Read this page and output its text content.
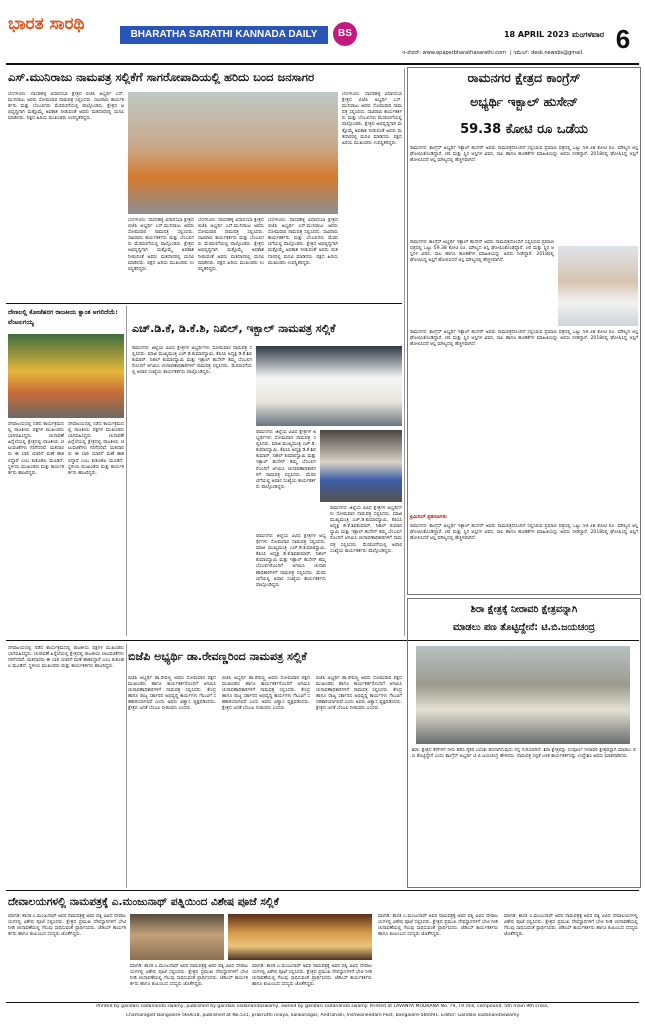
ಭಾರತ ಸಾರಥಿ
BHARATHA SARATHI KANNADA DAILY	BS	18 APRIL 2023 ಮಂಗಳವಾರ 6
ಇ-ಪೇಪರ್: www.epaperbharathasarathi.com | ಇಮೇಲ್: desk.newsbs@gmail.
ಎಸ್.ಮುನಿರಾಜು ನಾಮಪತ್ರ ಸಲ್ಲಿಕೆಗೆ ಸಾಗರೋಪಾದಿಯಲ್ಲಿ ಹರಿದು ಬಂದ ಜನಸಾಗರ
ಬೆಂಗಳೂರು: ದಾಸರಹಳ್ಳಿ ವಿಧಾನಸಭಾ ಕ್ಷೇತ್ರದ ಬಿಜೆಪಿ ಅಭ್ಯರ್ಥಿ ಎಸ್.ಮುನಿರಾಜು ಅವರು ಸೋಮವಾರ ನಾಮಪತ್ರ ಸಲ್ಲಿಸಿದರು. ಸಾವಿರಾರು ಕಾರ್ಯಕರ್ತರು ಮತ್ತು ಬೆಂಬಲಿಗರು ಮೆರವಣಿಗೆಯಲ್ಲಿ ಪಾಲ್ಗೊಂಡರು. ಕ್ಷೇತ್ರದ ಅಭಿವೃದ್ಧಿಗಾಗಿ ಮತ್ತೊಮ್ಮೆ ಅವಕಾಶ ನೀಡುವಂತೆ ಅವರು ಮತದಾರರಲ್ಲಿ ಮನವಿ ಮಾಡಿದರು. ಪಕ್ಷದ ಹಿರಿಯ ಮುಖಂಡರು ಉಪಸ್ಥಿತರಿದ್ದರು.
ಬೆಂಗಳೂರು: ದಾಸರಹಳ್ಳಿ ವಿಧಾನಸಭಾ ಕ್ಷೇತ್ರದ ಬಿಜೆಪಿ ಅಭ್ಯರ್ಥಿ ಎಸ್.ಮುನಿರಾಜು ಅವರು ಸೋಮವಾರ ನಾಮಪತ್ರ ಸಲ್ಲಿಸಿದರು. ಸಾವಿರಾರು ಕಾರ್ಯಕರ್ತರು ಮತ್ತು ಬೆಂಬಲಿಗರು ಮೆರವಣಿಗೆಯಲ್ಲಿ ಪಾಲ್ಗೊಂಡರು. ಕ್ಷೇತ್ರದ ಅಭಿವೃದ್ಧಿಗಾಗಿ ಮತ್ತೊಮ್ಮೆ ಅವಕಾಶ ನೀಡುವಂತೆ ಅವರು ಮತದಾರರಲ್ಲಿ ಮನವಿ ಮಾಡಿದರು. ಪಕ್ಷದ ಹಿರಿಯ ಮುಖಂಡರು ಉಪಸ್ಥಿತರಿದ್ದರು.
ಬೆಂಗಳೂರು: ದಾಸರಹಳ್ಳಿ ವಿಧಾನಸಭಾ ಕ್ಷೇತ್ರದ ಬಿಜೆಪಿ ಅಭ್ಯರ್ಥಿ ಎಸ್.ಮುನಿರಾಜು ಅವರು ಸೋಮವಾರ ನಾಮಪತ್ರ ಸಲ್ಲಿಸಿದರು. ಸಾವಿರಾರು ಕಾರ್ಯಕರ್ತರು ಮತ್ತು ಬೆಂಬಲಿಗರು ಮೆರವಣಿಗೆಯಲ್ಲಿ ಪಾಲ್ಗೊಂಡರು. ಕ್ಷೇತ್ರದ ಅಭಿವೃದ್ಧಿಗಾಗಿ ಮತ್ತೊಮ್ಮೆ ಅವಕಾಶ ನೀಡುವಂತೆ ಅವರು ಮತದಾರರಲ್ಲಿ ಮನವಿ ಮಾಡಿದರು. ಪಕ್ಷದ ಹಿರಿಯ ಮುಖಂಡರು ಉಪಸ್ಥಿತರಿದ್ದರು.
ಬೆಂಗಳೂರು: ದಾಸರಹಳ್ಳಿ ವಿಧಾನಸಭಾ ಕ್ಷೇತ್ರದ ಬಿಜೆಪಿ ಅಭ್ಯರ್ಥಿ ಎಸ್.ಮುನಿರಾಜು ಅವರು ಸೋಮವಾರ ನಾಮಪತ್ರ ಸಲ್ಲಿಸಿದರು. ಸಾವಿರಾರು ಕಾರ್ಯಕರ್ತರು ಮತ್ತು ಬೆಂಬಲಿಗರು ಮೆರವಣಿಗೆಯಲ್ಲಿ ಪಾಲ್ಗೊಂಡರು. ಕ್ಷೇತ್ರದ ಅಭಿವೃದ್ಧಿಗಾಗಿ ಮತ್ತೊಮ್ಮೆ ಅವಕಾಶ ನೀಡುವಂತೆ ಅವರು ಮತದಾರರಲ್ಲಿ ಮನವಿ ಮಾಡಿದರು. ಪಕ್ಷದ ಹಿರಿಯ ಮುಖಂಡರು ಉಪಸ್ಥಿತರಿದ್ದರು.
ಬೆಂಗಳೂರು: ದಾಸರಹಳ್ಳಿ ವಿಧಾನಸಭಾ ಕ್ಷೇತ್ರದ ಬಿಜೆಪಿ ಅಭ್ಯರ್ಥಿ ಎಸ್.ಮುನಿರಾಜು ಅವರು ಸೋಮವಾರ ನಾಮಪತ್ರ ಸಲ್ಲಿಸಿದರು. ಸಾವಿರಾರು ಕಾರ್ಯಕರ್ತರು ಮತ್ತು ಬೆಂಬಲಿಗರು ಮೆರವಣಿಗೆಯಲ್ಲಿ ಪಾಲ್ಗೊಂಡರು. ಕ್ಷೇತ್ರದ ಅಭಿವೃದ್ಧಿಗಾಗಿ ಮತ್ತೊಮ್ಮೆ ಅವಕಾಶ ನೀಡುವಂತೆ ಅವರು ಮತದಾರರಲ್ಲಿ ಮನವಿ ಮಾಡಿದರು. ಪಕ್ಷದ ಹಿರಿಯ ಮುಖಂಡರು ಉಪಸ್ಥಿತರಿದ್ದರು.
ರಾಮನಗರ ಕ್ಷೇತ್ರದ ಕಾಂಗ್ರೆಸ್
ಅಭ್ಯರ್ಥಿ ಇಕ್ಬಾಲ್ ಹುಸೇನ್
59.38 ಕೋಟಿ ರೂ ಒಡೆಯ
ರಾಮನಗರ: ಕಾಂಗ್ರೆಸ್ ಅಭ್ಯರ್ಥಿ ಇಕ್ಬಾಲ್ ಹುಸೇನ್ ಅವರು ನಾಮಪತ್ರದೊಂದಿಗೆ ಸಲ್ಲಿಸಿರುವ ಪ್ರಮಾಣ ಪತ್ರದಲ್ಲಿ ಒಟ್ಟು 59.38 ಕೋಟಿ ರೂ. ಮೌಲ್ಯದ ಆಸ್ತಿ ಘೋಷಿಸಿಕೊಂಡಿದ್ದಾರೆ. ಚರ ಮತ್ತು ಸ್ಥಿರ ಆಸ್ತಿಗಳ ವಿವರ, ಸಾಲ ಹಾಗೂ ಹೂಡಿಕೆಗಳ ಮಾಹಿತಿಯನ್ನು ಅವರು ನೀಡಿದ್ದಾರೆ. 2018ರಲ್ಲಿ ಘೋಷಿಸಿದ್ದ ಆಸ್ತಿಗೆ ಹೋಲಿಸಿದರೆ ಆಸ್ತಿ ಮೌಲ್ಯದಲ್ಲಿ ಹೆಚ್ಚಳವಾಗಿದೆ.
ರಾಮನಗರ: ಕಾಂಗ್ರೆಸ್ ಅಭ್ಯರ್ಥಿ ಇಕ್ಬಾಲ್ ಹುಸೇನ್ ಅವರು ನಾಮಪತ್ರದೊಂದಿಗೆ ಸಲ್ಲಿಸಿರುವ ಪ್ರಮಾಣ ಪತ್ರದಲ್ಲಿ ಒಟ್ಟು 59.38 ಕೋಟಿ ರೂ. ಮೌಲ್ಯದ ಆಸ್ತಿ ಘೋಷಿಸಿಕೊಂಡಿದ್ದಾರೆ. ಚರ ಮತ್ತು ಸ್ಥಿರ ಆಸ್ತಿಗಳ ವಿವರ, ಸಾಲ ಹಾಗೂ ಹೂಡಿಕೆಗಳ ಮಾಹಿತಿಯನ್ನು ಅವರು ನೀಡಿದ್ದಾರೆ. 2018ರಲ್ಲಿ ಘೋಷಿಸಿದ್ದ ಆಸ್ತಿಗೆ ಹೋಲಿಸಿದರೆ ಆಸ್ತಿ ಮೌಲ್ಯದಲ್ಲಿ ಹೆಚ್ಚಳವಾಗಿದೆ.
ರಾಮನಗರ: ಕಾಂಗ್ರೆಸ್ ಅಭ್ಯರ್ಥಿ ಇಕ್ಬಾಲ್ ಹುಸೇನ್ ಅವರು ನಾಮಪತ್ರದೊಂದಿಗೆ ಸಲ್ಲಿಸಿರುವ ಪ್ರಮಾಣ ಪತ್ರದಲ್ಲಿ ಒಟ್ಟು 59.38 ಕೋಟಿ ರೂ. ಮೌಲ್ಯದ ಆಸ್ತಿ ಘೋಷಿಸಿಕೊಂಡಿದ್ದಾರೆ. ಚರ ಮತ್ತು ಸ್ಥಿರ ಆಸ್ತಿಗಳ ವಿವರ, ಸಾಲ ಹಾಗೂ ಹೂಡಿಕೆಗಳ ಮಾಹಿತಿಯನ್ನು ಅವರು ನೀಡಿದ್ದಾರೆ. 2018ರಲ್ಲಿ ಘೋಷಿಸಿದ್ದ ಆಸ್ತಿಗೆ ಹೋಲಿಸಿದರೆ ಆಸ್ತಿ ಮೌಲ್ಯದಲ್ಲಿ ಹೆಚ್ಚಳವಾಗಿದೆ.
ಕ್ರಿಮಿನಲ್ ಪ್ರಕರಣಗಳು
ರಾಮನಗರ: ಕಾಂಗ್ರೆಸ್ ಅಭ್ಯರ್ಥಿ ಇಕ್ಬಾಲ್ ಹುಸೇನ್ ಅವರು ನಾಮಪತ್ರದೊಂದಿಗೆ ಸಲ್ಲಿಸಿರುವ ಪ್ರಮಾಣ ಪತ್ರದಲ್ಲಿ ಒಟ್ಟು 59.38 ಕೋಟಿ ರೂ. ಮೌಲ್ಯದ ಆಸ್ತಿ ಘೋಷಿಸಿಕೊಂಡಿದ್ದಾರೆ. ಚರ ಮತ್ತು ಸ್ಥಿರ ಆಸ್ತಿಗಳ ವಿವರ, ಸಾಲ ಹಾಗೂ ಹೂಡಿಕೆಗಳ ಮಾಹಿತಿಯನ್ನು ಅವರು ನೀಡಿದ್ದಾರೆ. 2018ರಲ್ಲಿ ಘೋಷಿಸಿದ್ದ ಆಸ್ತಿಗೆ ಹೋಲಿಸಿದರೆ ಆಸ್ತಿ ಮೌಲ್ಯದಲ್ಲಿ ಹೆಚ್ಚಳವಾಗಿದೆ.
ದೇಣಲಲ್ಲಿ ಕೋಜೆಹರಗ ರಾಜಕೀಯ ಕ್ವಾಂತ ಆಗಲಿದೆಯೆ: ವೆಂಟಲಗಯ್ಯ
ದೇವಾಲಯದಲ್ಲಿ ನಡೆದ ಕಾರ್ಯಕ್ರಮದಲ್ಲಿ ರಾಜಕೀಯ ಪಕ್ಷಗಳ ಮುಖಂಡರು ಭಾಗವಹಿಸಿದ್ದರು. ಚುನಾವಣೆ ಹಿನ್ನೆಲೆಯಲ್ಲಿ ಕ್ಷೇತ್ರದಲ್ಲಿ ರಾಜಕೀಯ ಚಟುವಟಿಕೆಗಳು ಗರಿಗೆದರಿವೆ. ಮತದಾರರು ಈ ಬಾರಿ ಯಾರಿಗೆ ಮಣೆ ಹಾಕಲಿದ್ದಾರೆ ಎಂಬ ಕುತೂಹಲ ಮೂಡಿದೆ. ಸ್ಥಳೀಯ ಮುಖಂಡರು ಮತ್ತು ಕಾರ್ಯಕರ್ತರು ಹಾಜರಿದ್ದರು.
ದೇವಾಲಯದಲ್ಲಿ ನಡೆದ ಕಾರ್ಯಕ್ರಮದಲ್ಲಿ ರಾಜಕೀಯ ಪಕ್ಷಗಳ ಮುಖಂಡರು ಭಾಗವಹಿಸಿದ್ದರು. ಚುನಾವಣೆ ಹಿನ್ನೆಲೆಯಲ್ಲಿ ಕ್ಷೇತ್ರದಲ್ಲಿ ರಾಜಕೀಯ ಚಟುವಟಿಕೆಗಳು ಗರಿಗೆದರಿವೆ. ಮತದಾರರು ಈ ಬಾರಿ ಯಾರಿಗೆ ಮಣೆ ಹಾಕಲಿದ್ದಾರೆ ಎಂಬ ಕುತೂಹಲ ಮೂಡಿದೆ. ಸ್ಥಳೀಯ ಮುಖಂಡರು ಮತ್ತು ಕಾರ್ಯಕರ್ತರು ಹಾಜರಿದ್ದರು.
ಎಚ್.ಡಿ.ಕೆ, ಡಿ.ಕೆ.ಶಿ, ನಿಖಿಲ್, ಇಕ್ಬಾಲ್ ನಾಮಪತ್ರ ಸಲ್ಲಿಕೆ
ರಾಮನಗರ: ಜಿಲ್ಲೆಯ ವಿವಿಧ ಕ್ಷೇತ್ರಗಳ ಅಭ್ಯರ್ಥಿಗಳು ಸೋಮವಾರ ನಾಮಪತ್ರ ಸಲ್ಲಿಸಿದರು. ಮಾಜಿ ಮುಖ್ಯಮಂತ್ರಿ ಎಚ್.ಡಿ.ಕುಮಾರಸ್ವಾಮಿ, ಕೆಪಿಸಿಸಿ ಅಧ್ಯಕ್ಷ ಡಿ.ಕೆ.ಶಿವಕುಮಾರ್, ನಿಖಿಲ್ ಕುಮಾರಸ್ವಾಮಿ ಮತ್ತು ಇಕ್ಬಾಲ್ ಹುಸೇನ್ ತಮ್ಮ ಬೆಂಬಲಿಗರೊಂದಿಗೆ ಆಗಮಿಸಿ ಚುನಾವಣಾಧಿಕಾರಿಗಳಿಗೆ ನಾಮಪತ್ರ ಸಲ್ಲಿಸಿದರು. ಮೆರವಣಿಗೆಯಲ್ಲಿ ಅಪಾರ ಸಂಖ್ಯೆಯ ಕಾರ್ಯಕರ್ತರು ಪಾಲ್ಗೊಂಡಿದ್ದರು.
ರಾಮನಗರ: ಜಿಲ್ಲೆಯ ವಿವಿಧ ಕ್ಷೇತ್ರಗಳ ಅಭ್ಯರ್ಥಿಗಳು ಸೋಮವಾರ ನಾಮಪತ್ರ ಸಲ್ಲಿಸಿದರು. ಮಾಜಿ ಮುಖ್ಯಮಂತ್ರಿ ಎಚ್.ಡಿ.ಕುಮಾರಸ್ವಾಮಿ, ಕೆಪಿಸಿಸಿ ಅಧ್ಯಕ್ಷ ಡಿ.ಕೆ.ಶಿವಕುಮಾರ್, ನಿಖಿಲ್ ಕುಮಾರಸ್ವಾಮಿ ಮತ್ತು ಇಕ್ಬಾಲ್ ಹುಸೇನ್ ತಮ್ಮ ಬೆಂಬಲಿಗರೊಂದಿಗೆ ಆಗಮಿಸಿ ಚುನಾವಣಾಧಿಕಾರಿಗಳಿಗೆ ನಾಮಪತ್ರ ಸಲ್ಲಿಸಿದರು. ಮೆರವಣಿಗೆಯಲ್ಲಿ ಅಪಾರ ಸಂಖ್ಯೆಯ ಕಾರ್ಯಕರ್ತರು ಪಾಲ್ಗೊಂಡಿದ್ದರು.
ರಾಮನಗರ: ಜಿಲ್ಲೆಯ ವಿವಿಧ ಕ್ಷೇತ್ರಗಳ ಅಭ್ಯರ್ಥಿಗಳು ಸೋಮವಾರ ನಾಮಪತ್ರ ಸಲ್ಲಿಸಿದರು. ಮಾಜಿ ಮುಖ್ಯಮಂತ್ರಿ ಎಚ್.ಡಿ.ಕುಮಾರಸ್ವಾಮಿ, ಕೆಪಿಸಿಸಿ ಅಧ್ಯಕ್ಷ ಡಿ.ಕೆ.ಶಿವಕುಮಾರ್, ನಿಖಿಲ್ ಕುಮಾರಸ್ವಾಮಿ ಮತ್ತು ಇಕ್ಬಾಲ್ ಹುಸೇನ್ ತಮ್ಮ ಬೆಂಬಲಿಗರೊಂದಿಗೆ ಆಗಮಿಸಿ ಚುನಾವಣಾಧಿಕಾರಿಗಳಿಗೆ ನಾಮಪತ್ರ ಸಲ್ಲಿಸಿದರು. ಮೆರವಣಿಗೆಯಲ್ಲಿ ಅಪಾರ ಸಂಖ್ಯೆಯ ಕಾರ್ಯಕರ್ತರು ಪಾಲ್ಗೊಂಡಿದ್ದರು.
ರಾಮನಗರ: ಜಿಲ್ಲೆಯ ವಿವಿಧ ಕ್ಷೇತ್ರಗಳ ಅಭ್ಯರ್ಥಿಗಳು ಸೋಮವಾರ ನಾಮಪತ್ರ ಸಲ್ಲಿಸಿದರು. ಮಾಜಿ ಮುಖ್ಯಮಂತ್ರಿ ಎಚ್.ಡಿ.ಕುಮಾರಸ್ವಾಮಿ, ಕೆಪಿಸಿಸಿ ಅಧ್ಯಕ್ಷ ಡಿ.ಕೆ.ಶಿವಕುಮಾರ್, ನಿಖಿಲ್ ಕುಮಾರಸ್ವಾಮಿ ಮತ್ತು ಇಕ್ಬಾಲ್ ಹುಸೇನ್ ತಮ್ಮ ಬೆಂಬಲಿಗರೊಂದಿಗೆ ಆಗಮಿಸಿ ಚುನಾವಣಾಧಿಕಾರಿಗಳಿಗೆ ನಾಮಪತ್ರ ಸಲ್ಲಿಸಿದರು. ಮೆರವಣಿಗೆಯಲ್ಲಿ ಅಪಾರ ಸಂಖ್ಯೆಯ ಕಾರ್ಯಕರ್ತರು ಪಾಲ್ಗೊಂಡಿದ್ದರು.
ಬಿಜೆಪಿ ಅಭ್ಯರ್ಥಿ ಡಾ.ರೇವಣ್ಣರಿಂದ ನಾಮಪತ್ರ ಸಲ್ಲಿಕೆ
ಬಿಜೆಪಿ ಅಭ್ಯರ್ಥಿ ಡಾ.ರೇವಣ್ಣ ಅವರು ಸೋಮವಾರ ಪಕ್ಷದ ಮುಖಂಡರು ಹಾಗೂ ಕಾರ್ಯಕರ್ತರೊಂದಿಗೆ ಆಗಮಿಸಿ ಚುನಾವಣಾಧಿಕಾರಿಗಳಿಗೆ ನಾಮಪತ್ರ ಸಲ್ಲಿಸಿದರು. ಕೇಂದ್ರ ಹಾಗೂ ರಾಜ್ಯ ಸರ್ಕಾರದ ಅಭಿವೃದ್ಧಿ ಕಾರ್ಯಗಳು ಗೆಲುವಿಗೆ ಸಹಕಾರಿಯಾಗಲಿವೆ ಎಂದು ಅವರು ವಿಶ್ವಾಸ ವ್ಯಕ್ತಪಡಿಸಿದರು. ಕ್ಷೇತ್ರದ ಜನತೆ ಬೆಂಬಲ ನೀಡುವರು ಎಂದರು.
ಬಿಜೆಪಿ ಅಭ್ಯರ್ಥಿ ಡಾ.ರೇವಣ್ಣ ಅವರು ಸೋಮವಾರ ಪಕ್ಷದ ಮುಖಂಡರು ಹಾಗೂ ಕಾರ್ಯಕರ್ತರೊಂದಿಗೆ ಆಗಮಿಸಿ ಚುನಾವಣಾಧಿಕಾರಿಗಳಿಗೆ ನಾಮಪತ್ರ ಸಲ್ಲಿಸಿದರು. ಕೇಂದ್ರ ಹಾಗೂ ರಾಜ್ಯ ಸರ್ಕಾರದ ಅಭಿವೃದ್ಧಿ ಕಾರ್ಯಗಳು ಗೆಲುವಿಗೆ ಸಹಕಾರಿಯಾಗಲಿವೆ ಎಂದು ಅವರು ವಿಶ್ವಾಸ ವ್ಯಕ್ತಪಡಿಸಿದರು. ಕ್ಷೇತ್ರದ ಜನತೆ ಬೆಂಬಲ ನೀಡುವರು ಎಂದರು.
ಬಿಜೆಪಿ ಅಭ್ಯರ್ಥಿ ಡಾ.ರೇವಣ್ಣ ಅವರು ಸೋಮವಾರ ಪಕ್ಷದ ಮುಖಂಡರು ಹಾಗೂ ಕಾರ್ಯಕರ್ತರೊಂದಿಗೆ ಆಗಮಿಸಿ ಚುನಾವಣಾಧಿಕಾರಿಗಳಿಗೆ ನಾಮಪತ್ರ ಸಲ್ಲಿಸಿದರು. ಕೇಂದ್ರ ಹಾಗೂ ರಾಜ್ಯ ಸರ್ಕಾರದ ಅಭಿವೃದ್ಧಿ ಕಾರ್ಯಗಳು ಗೆಲುವಿಗೆ ಸಹಕಾರಿಯಾಗಲಿವೆ ಎಂದು ಅವರು ವಿಶ್ವಾಸ ವ್ಯಕ್ತಪಡಿಸಿದರು. ಕ್ಷೇತ್ರದ ಜನತೆ ಬೆಂಬಲ ನೀಡುವರು ಎಂದರು.
ದೇವಾಲಯದಲ್ಲಿ ನಡೆದ ಕಾರ್ಯಕ್ರಮದಲ್ಲಿ ರಾಜಕೀಯ ಪಕ್ಷಗಳ ಮುಖಂಡರು ಭಾಗವಹಿಸಿದ್ದರು. ಚುನಾವಣೆ ಹಿನ್ನೆಲೆಯಲ್ಲಿ ಕ್ಷೇತ್ರದಲ್ಲಿ ರಾಜಕೀಯ ಚಟುವಟಿಕೆಗಳು ಗರಿಗೆದರಿವೆ. ಮತದಾರರು ಈ ಬಾರಿ ಯಾರಿಗೆ ಮಣೆ ಹಾಕಲಿದ್ದಾರೆ ಎಂಬ ಕುತೂಹಲ ಮೂಡಿದೆ. ಸ್ಥಳೀಯ ಮುಖಂಡರು ಮತ್ತು ಕಾರ್ಯಕರ್ತರು ಹಾಜರಿದ್ದರು.
ಶಿರಾ ಕ್ಷೇತ್ರಕ್ಕೆ ನೀರಾವರಿ ಕ್ಷೇತ್ರವನ್ನಾಗಿ
ಮಾಡಲು ಪಣ ತೊಟ್ಟಿದ್ದೇನೆ: ಟಿ.ಬಿ.ಜಯಚಂದ್ರ
ಶಿರಾ: ಕ್ಷೇತ್ರದ ಕೆರೆಗಳಿಗೆ ನೀರು ಹರಿಸಿ ರೈತರ ಬದುಕು ಹಸನಾಗಿಸುವುದು ನನ್ನ ಗುರಿಯಾಗಿದೆ. ಶಿರಾ ಕ್ಷೇತ್ರವನ್ನು ಸಂಪೂರ್ಣ ನೀರಾವರಿ ಕ್ಷೇತ್ರವನ್ನಾಗಿ ಮಾಡಲು ಪಣ ತೊಟ್ಟಿದ್ದೇನೆ ಎಂದು ಕಾಂಗ್ರೆಸ್ ಅಭ್ಯರ್ಥಿ ಟಿ.ಬಿ.ಜಯಚಂದ್ರ ಹೇಳಿದರು. ನಾಮಪತ್ರ ಸಲ್ಲಿಕೆ ಬಳಿಕ ಕಾರ್ಯಕರ್ತರನ್ನು ಉದ್ದೇಶಿಸಿ ಅವರು ಮಾತನಾಡಿದರು.
ದೇವಾಲಯಗಳಲ್ಲಿ ನಾಮಪತ್ರಕ್ಕೆ ಎ.ಮಂಜುನಾಥ್ ಪತ್ನಿಯಿಂದ ವಿಶೇಷ ಪೂಜೆ ಸಲ್ಲಿಕೆ
ಮಾಗಡಿ: ಶಾಸಕ ಎ.ಮಂಜುನಾಥ್ ಅವರ ನಾಮಪತ್ರಕ್ಕೆ ಅವರ ಪತ್ನಿ ವಿವಿಧ ದೇವಾಲಯಗಳಲ್ಲಿ ವಿಶೇಷ ಪೂಜೆ ಸಲ್ಲಿಸಿದರು. ಕ್ಷೇತ್ರದ ಪ್ರಮುಖ ದೇವಸ್ಥಾನಗಳಿಗೆ ಭೇಟಿ ನೀಡಿ ಚುನಾವಣೆಯಲ್ಲಿ ಗೆಲುವು ಸಾಧಿಸುವಂತೆ ಪ್ರಾರ್ಥಿಸಿದರು. ಜೆಡಿಎಸ್ ಕಾರ್ಯಕರ್ತರು ಹಾಗೂ ಕುಟುಂಬದ ಸದಸ್ಯರು ಜೊತೆಗಿದ್ದರು.
ಮಾಗಡಿ: ಶಾಸಕ ಎ.ಮಂಜುನಾಥ್ ಅವರ ನಾಮಪತ್ರಕ್ಕೆ ಅವರ ಪತ್ನಿ ವಿವಿಧ ದೇವಾಲಯಗಳಲ್ಲಿ ವಿಶೇಷ ಪೂಜೆ ಸಲ್ಲಿಸಿದರು. ಕ್ಷೇತ್ರದ ಪ್ರಮುಖ ದೇವಸ್ಥಾನಗಳಿಗೆ ಭೇಟಿ ನೀಡಿ ಚುನಾವಣೆಯಲ್ಲಿ ಗೆಲುವು ಸಾಧಿಸುವಂತೆ ಪ್ರಾರ್ಥಿಸಿದರು. ಜೆಡಿಎಸ್ ಕಾರ್ಯಕರ್ತರು ಹಾಗೂ ಕುಟುಂಬದ ಸದಸ್ಯರು ಜೊತೆಗಿದ್ದರು.
ಮಾಗಡಿ: ಶಾಸಕ ಎ.ಮಂಜುನಾಥ್ ಅವರ ನಾಮಪತ್ರಕ್ಕೆ ಅವರ ಪತ್ನಿ ವಿವಿಧ ದೇವಾಲಯಗಳಲ್ಲಿ ವಿಶೇಷ ಪೂಜೆ ಸಲ್ಲಿಸಿದರು. ಕ್ಷೇತ್ರದ ಪ್ರಮುಖ ದೇವಸ್ಥಾನಗಳಿಗೆ ಭೇಟಿ ನೀಡಿ ಚುನಾವಣೆಯಲ್ಲಿ ಗೆಲುವು ಸಾಧಿಸುವಂತೆ ಪ್ರಾರ್ಥಿಸಿದರು. ಜೆಡಿಎಸ್ ಕಾರ್ಯಕರ್ತರು ಹಾಗೂ ಕುಟುಂಬದ ಸದಸ್ಯರು ಜೊತೆಗಿದ್ದರು.
ಮಾಗಡಿ: ಶಾಸಕ ಎ.ಮಂಜುನಾಥ್ ಅವರ ನಾಮಪತ್ರಕ್ಕೆ ಅವರ ಪತ್ನಿ ವಿವಿಧ ದೇವಾಲಯಗಳಲ್ಲಿ ವಿಶೇಷ ಪೂಜೆ ಸಲ್ಲಿಸಿದರು. ಕ್ಷೇತ್ರದ ಪ್ರಮುಖ ದೇವಸ್ಥಾನಗಳಿಗೆ ಭೇಟಿ ನೀಡಿ ಚುನಾವಣೆಯಲ್ಲಿ ಗೆಲುವು ಸಾಧಿಸುವಂತೆ ಪ್ರಾರ್ಥಿಸಿದರು. ಜೆಡಿಎಸ್ ಕಾರ್ಯಕರ್ತರು ಹಾಗೂ ಕುಟುಂಬದ ಸದಸ್ಯರು ಜೊತೆಗಿದ್ದರು.
ಮಾಗಡಿ: ಶಾಸಕ ಎ.ಮಂಜುನಾಥ್ ಅವರ ನಾಮಪತ್ರಕ್ಕೆ ಅವರ ಪತ್ನಿ ವಿವಿಧ ದೇವಾಲಯಗಳಲ್ಲಿ ವಿಶೇಷ ಪೂಜೆ ಸಲ್ಲಿಸಿದರು. ಕ್ಷೇತ್ರದ ಪ್ರಮುಖ ದೇವಸ್ಥಾನಗಳಿಗೆ ಭೇಟಿ ನೀಡಿ ಚುನಾವಣೆಯಲ್ಲಿ ಗೆಲುವು ಸಾಧಿಸುವಂತೆ ಪ್ರಾರ್ಥಿಸಿದರು. ಜೆಡಿಎಸ್ ಕಾರ್ಯಕರ್ತರು ಹಾಗೂ ಕುಟುಂಬದ ಸದಸ್ಯರು ಜೊತೆಗಿದ್ದರು.
Printed by gandasi sadananda swamy, published by gandasi sadanandaswamy, owned by gandasi sadananda swamy. Printed at LAVANYA MUDRANA No. 79, TR mill, compound, 5th main 9th cross,
Chamarajpet Bangalore-560018, published at No.531, prakruthi nilaya, kalikanagar, Andrahalli, Vishwaneedam Post, Bangalore-560091. Editor: Gandasi sadanandaswamy
